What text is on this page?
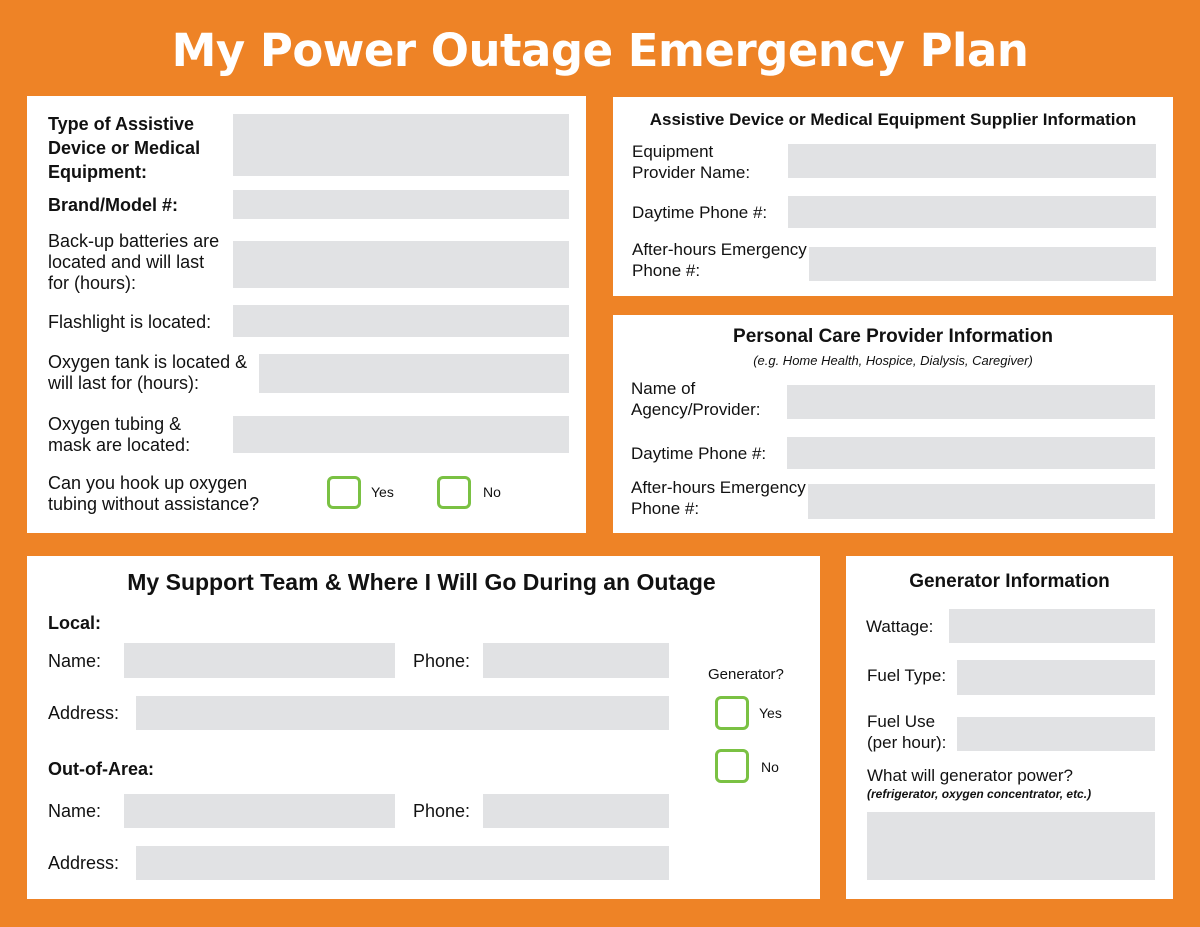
My Power Outage Emergency Plan
Type of Assistive Device or Medical Equipment:
Brand/Model #:
Back-up batteries are located and will last for (hours):
Flashlight is located:
Oxygen tank is located & will last for (hours):
Oxygen tubing & mask are located:
Can you hook up oxygen tubing without assistance?
Yes	No
Assistive Device or Medical Equipment Supplier Information
Equipment Provider Name:
Daytime Phone #:
After-hours Emergency Phone #:
Personal Care Provider Information
(e.g. Home Health, Hospice, Dialysis, Caregiver)
Name of Agency/Provider:
Daytime Phone #:
After-hours Emergency Phone #:
My Support Team & Where I Will Go During an Outage
Local:
Name:	Phone:
Address:
Out-of-Area:
Name:	Phone:
Address:
Generator?
Yes
No
Generator Information
Wattage:
Fuel Type:
Fuel Use (per hour):
What will generator power?
(refrigerator, oxygen concentrator, etc.)
